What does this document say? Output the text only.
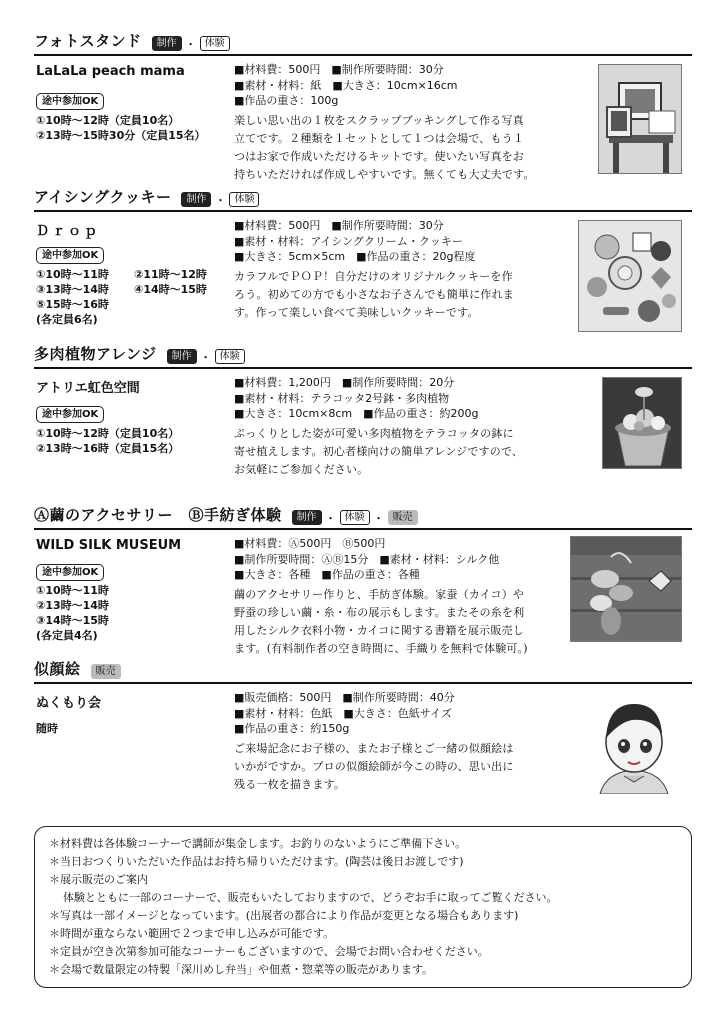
フォトスタンド	制作 ・ 体験
LaLaLa peach mama
途中参加OK
①10時～12時（定員10名）
②13時～15時30分（定員15名）
■材料費：500円　■制作所要時間：30分
■素材・材料：紙　■大きさ：10cm×16cm
■作品の重さ：100g
楽しい思い出の１枚をスクラップブッキングして作る写真
立てです。２種類を１セットとして１つは会場で、もう１
つはお家で作成いただけるキットです。使いたい写真をお
持ちいただければ作成しやすいです。無くても大丈夫です。
アイシングクッキー	制作 ・ 体験
Ｄｒｏｐ
途中参加OK
①10時～11時 ②11時～12時
③13時～14時 ④14時～15時
⑤15時～16時
(各定員6名)
■材料費：500円　■制作所要時間：30分
■素材・材料：アイシングクリーム・クッキー
■大きさ：5cm×5cm　■作品の重さ：20g程度
カラフルでＰＯＰ！自分だけのオリジナルクッキーを作
ろう。初めての方でも小さなお子さんでも簡単に作れま
す。作って楽しい食べて美味しいクッキーです。
多肉植物アレンジ	制作 ・ 体験
アトリエ虹色空間
途中参加OK
①10時～12時（定員10名）
②13時～16時（定員15名）
■材料費：1,200円　■制作所要時間：20分
■素材・材料：テラコッタ2号鉢・多肉植物
■大きさ：10cm×8cm　■作品の重さ：約200g
ぷっくりとした姿が可愛い多肉植物をテラコッタの鉢に
寄せ植えします。初心者様向けの簡単アレンジですので、
お気軽にご参加ください。
Ⓐ繭のアクセサリー　Ⓑ手紡ぎ体験	制作 ・ 体験 ・ 販売
WILD SILK MUSEUM
途中参加OK
①10時～11時
②13時～14時
③14時～15時
(各定員4名)
■材料費：Ⓐ500円　Ⓑ500円
■制作所要時間：ⒶⒷ15分　■素材・材料：シルク他
■大きさ：各種　■作品の重さ：各種
繭のアクセサリー作りと、手紡ぎ体験。家蚕（カイコ）や
野蚕の珍しい繭・糸・布の展示もします。またその糸を利
用したシルク衣料小物・カイコに関する書籍を展示販売し
ます。(有料制作者の空き時間に、手織りを無料で体験可。)
似顔絵	販売
ぬくもり会
随時
■販売価格：500円　■制作所要時間：40分
■素材・材料：色紙　■大きさ：色紙サイズ
■作品の重さ：約150g
ご来場記念にお子様の、またお子様とご一緒の似顔絵は
いかがですか。プロの似顔絵師が今この時の、思い出に
残る一枚を描きます。
＊材料費は各体験コーナーで講師が集金します。お釣りのないようにご準備下さい。
＊当日おつくりいただいた作品はお持ち帰りいただけます。(陶芸は後日お渡しです)
＊展示販売のご案内
体験とともに一部のコーナーで、販売もいたしておりますので、どうぞお手に取ってご覧ください。
＊写真は一部イメージとなっています。(出展者の都合により作品が変更となる場合もあります)
＊時間が重ならない範囲で２つまで申し込みが可能です。
＊定員が空き次第参加可能なコーナーもございますので、会場でお問い合わせください。
＊会場で数量限定の特製「深川めし弁当」や佃煮・惣菜等の販売があります。
